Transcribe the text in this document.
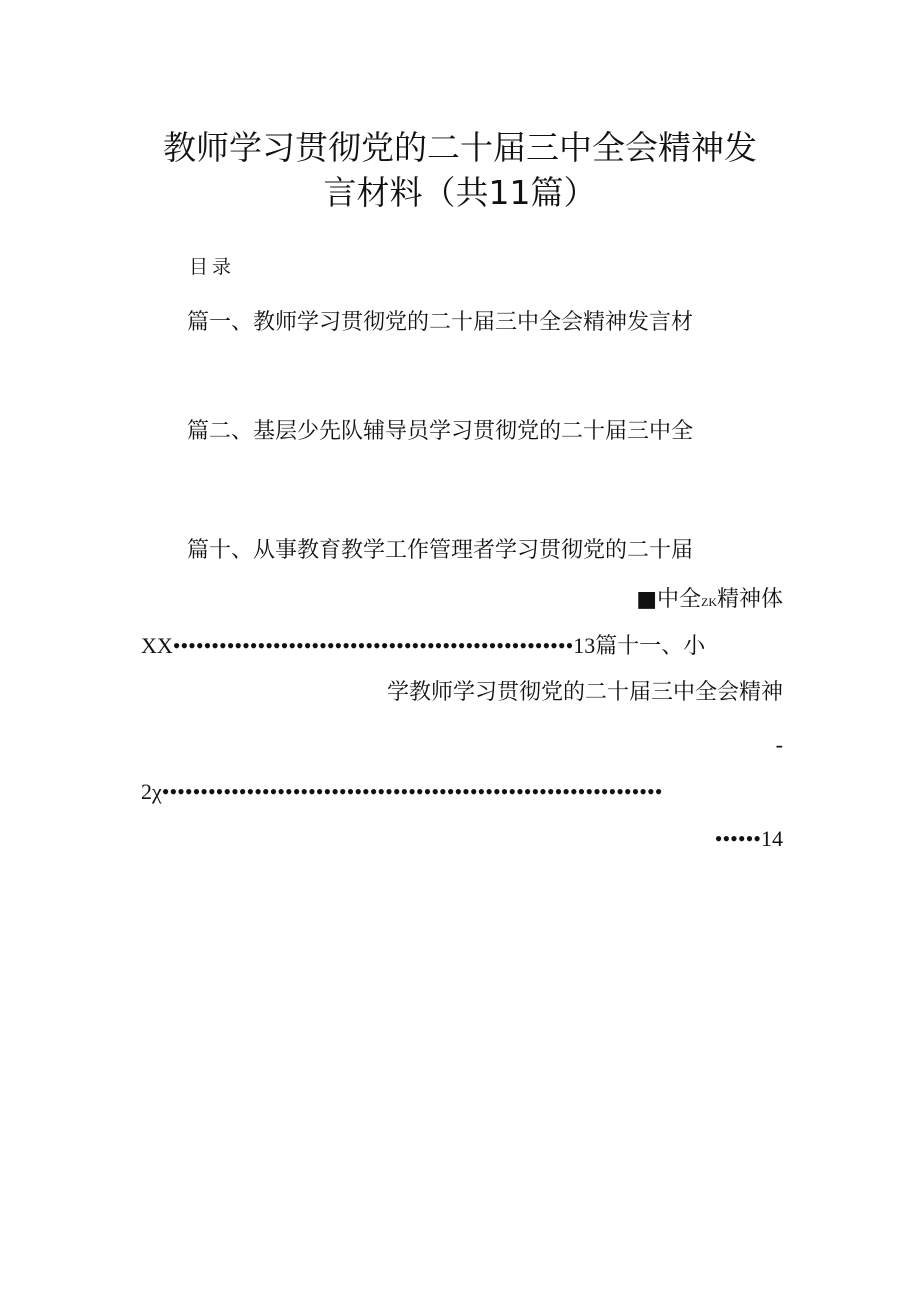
教师学习贯彻党的二十届三中全会精神发
言材料（共11篇）
目录
篇一、教师学习贯彻党的二十届三中全会精神发言材
篇二、基层少先队辅导员学习贯彻党的二十届三中全
篇十、从事教育教学工作管理者学习贯彻党的二十届
■中全ZK精神体
XX••••••••••••••••••••••••••••••••••••••••••••••••••••13篇十一、小
学教师学习贯彻党的二十届三中全会精神
-
2χ•••••••••••••••••••••••••••••••••••••••••••••••••••••••••••••••••
••••••14
